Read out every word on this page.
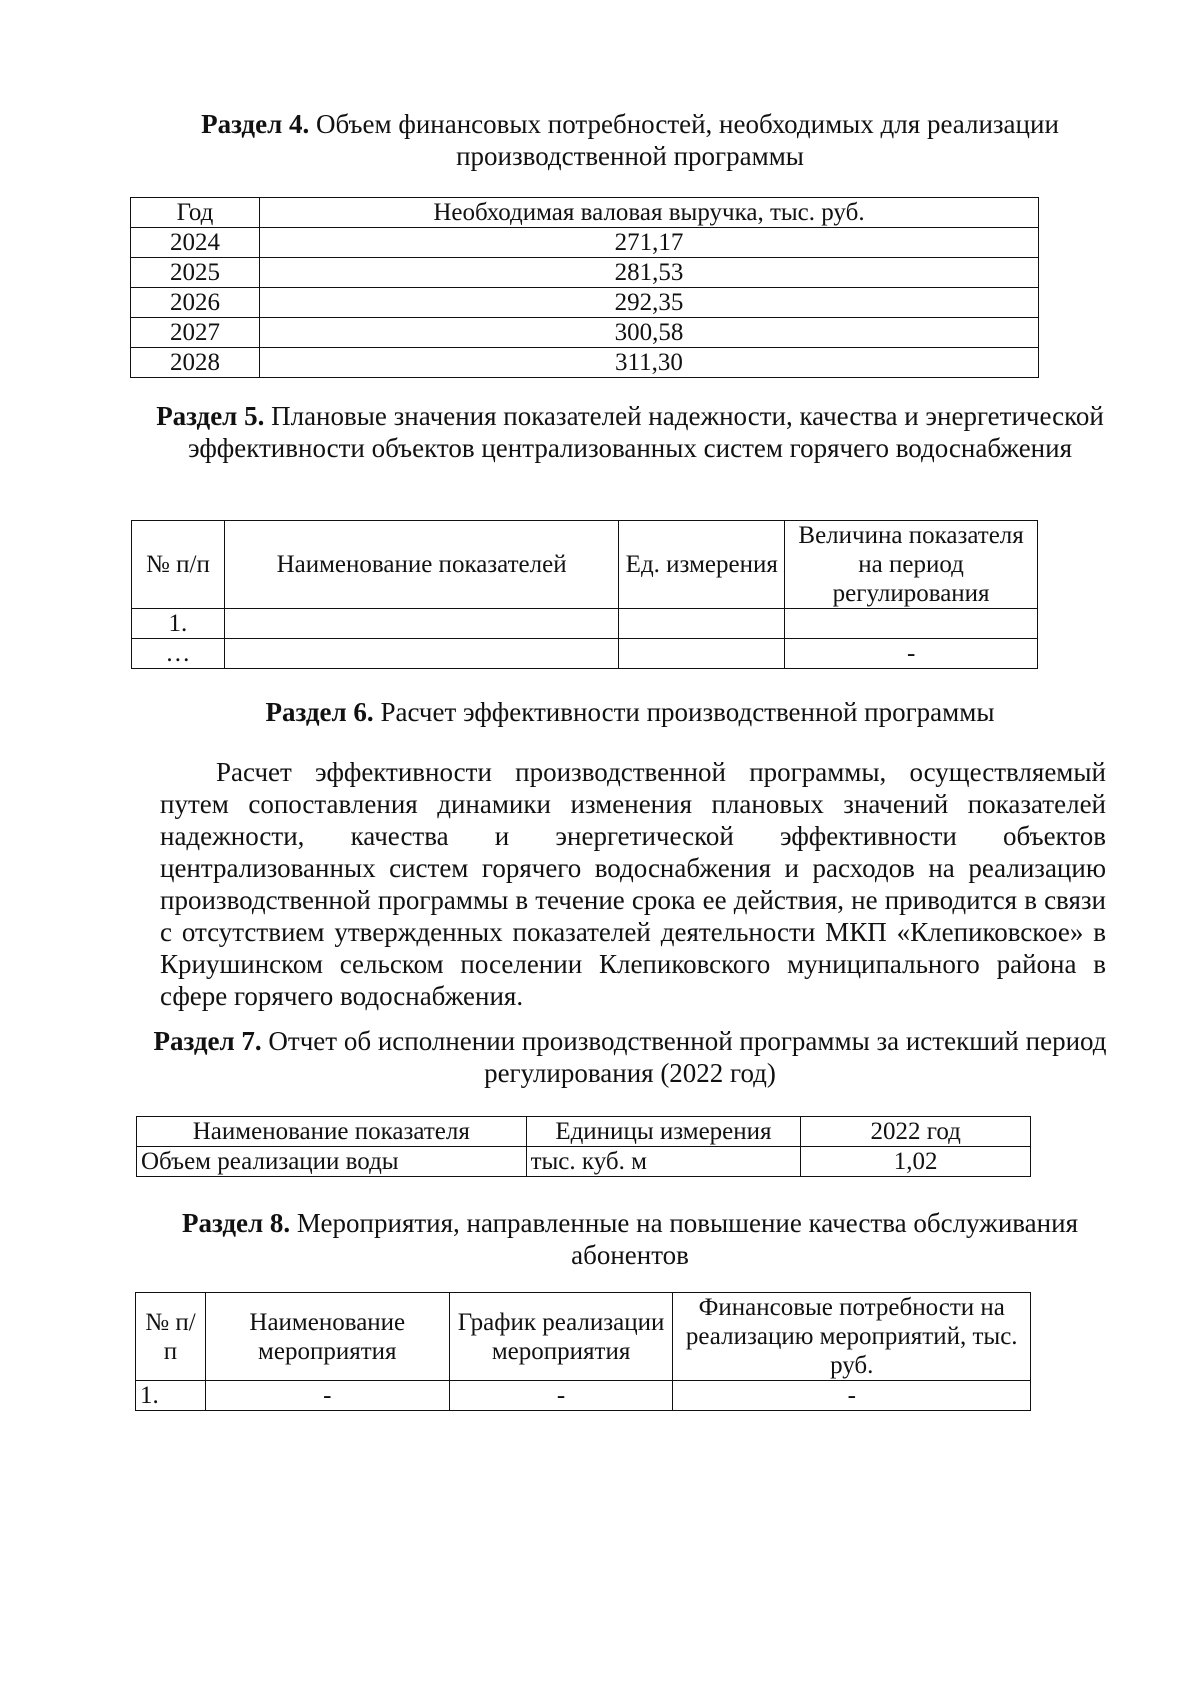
Раздел 4. Объем финансовых потребностей, необходимых для реализации производственной программы
Год	Необходимая валовая выручка, тыс. руб.
2024	271,17
2025	281,53
2026	292,35
2027	300,58
2028	311,30
Раздел 5. Плановые значения показателей надежности, качества и энергетической эффективности объектов централизованных систем горячего водоснабжения
№ п/п	Наименование показателей	Ед. измерения	Величина показателя на период регулирования
1.			
…			-
Раздел 6. Расчет эффективности производственной программы

Расчет эффективности производственной программы, осуществляемый путем сопоставления динамики изменения плановых значений показателей надежности, качества и энергетической эффективности объектов централизованных систем горячего водоснабжения и расходов на реализацию производственной программы в течение срока ее действия, не приводится в связи с отсутствием утвержденных показателей деятельности МКП «Клепиковское» в Криушинском сельском поселении Клепиковского муниципального района в сфере горячего водоснабжения.

Раздел 7. Отчет об исполнении производственной программы за истекший период регулирования (2022 год)
Наименование показателя	Единицы измерения	2022 год
Объем реализации воды	тыс. куб. м	1,02
Раздел 8. Мероприятия, направленные на повышение качества обслуживания абонентов
№ п/п	Наименование мероприятия	График реализации мероприятия	Финансовые потребности на реализацию мероприятий, тыс. руб.
1.	-	-	-
